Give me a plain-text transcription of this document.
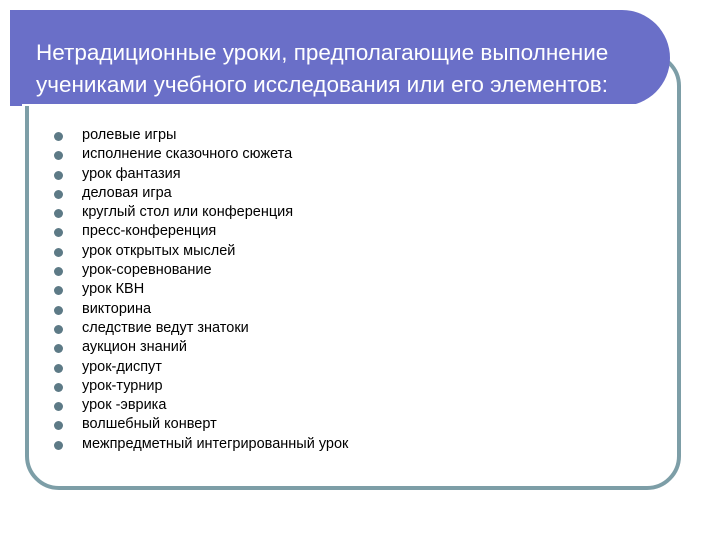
Нетрадиционные уроки, предполагающие выполнение
учениками учебного исследования или его элементов:
ролевые игры
исполнение сказочного сюжета
урок фантазия
деловая игра
круглый стол или конференция
пресс-конференция
урок открытых мыслей
урок-соревнование
урок КВН
викторина
следствие ведут знатоки
аукцион знаний
урок-диспут
урок-турнир
урок -эврика
волшебный конверт
межпредметный интегрированный урок
